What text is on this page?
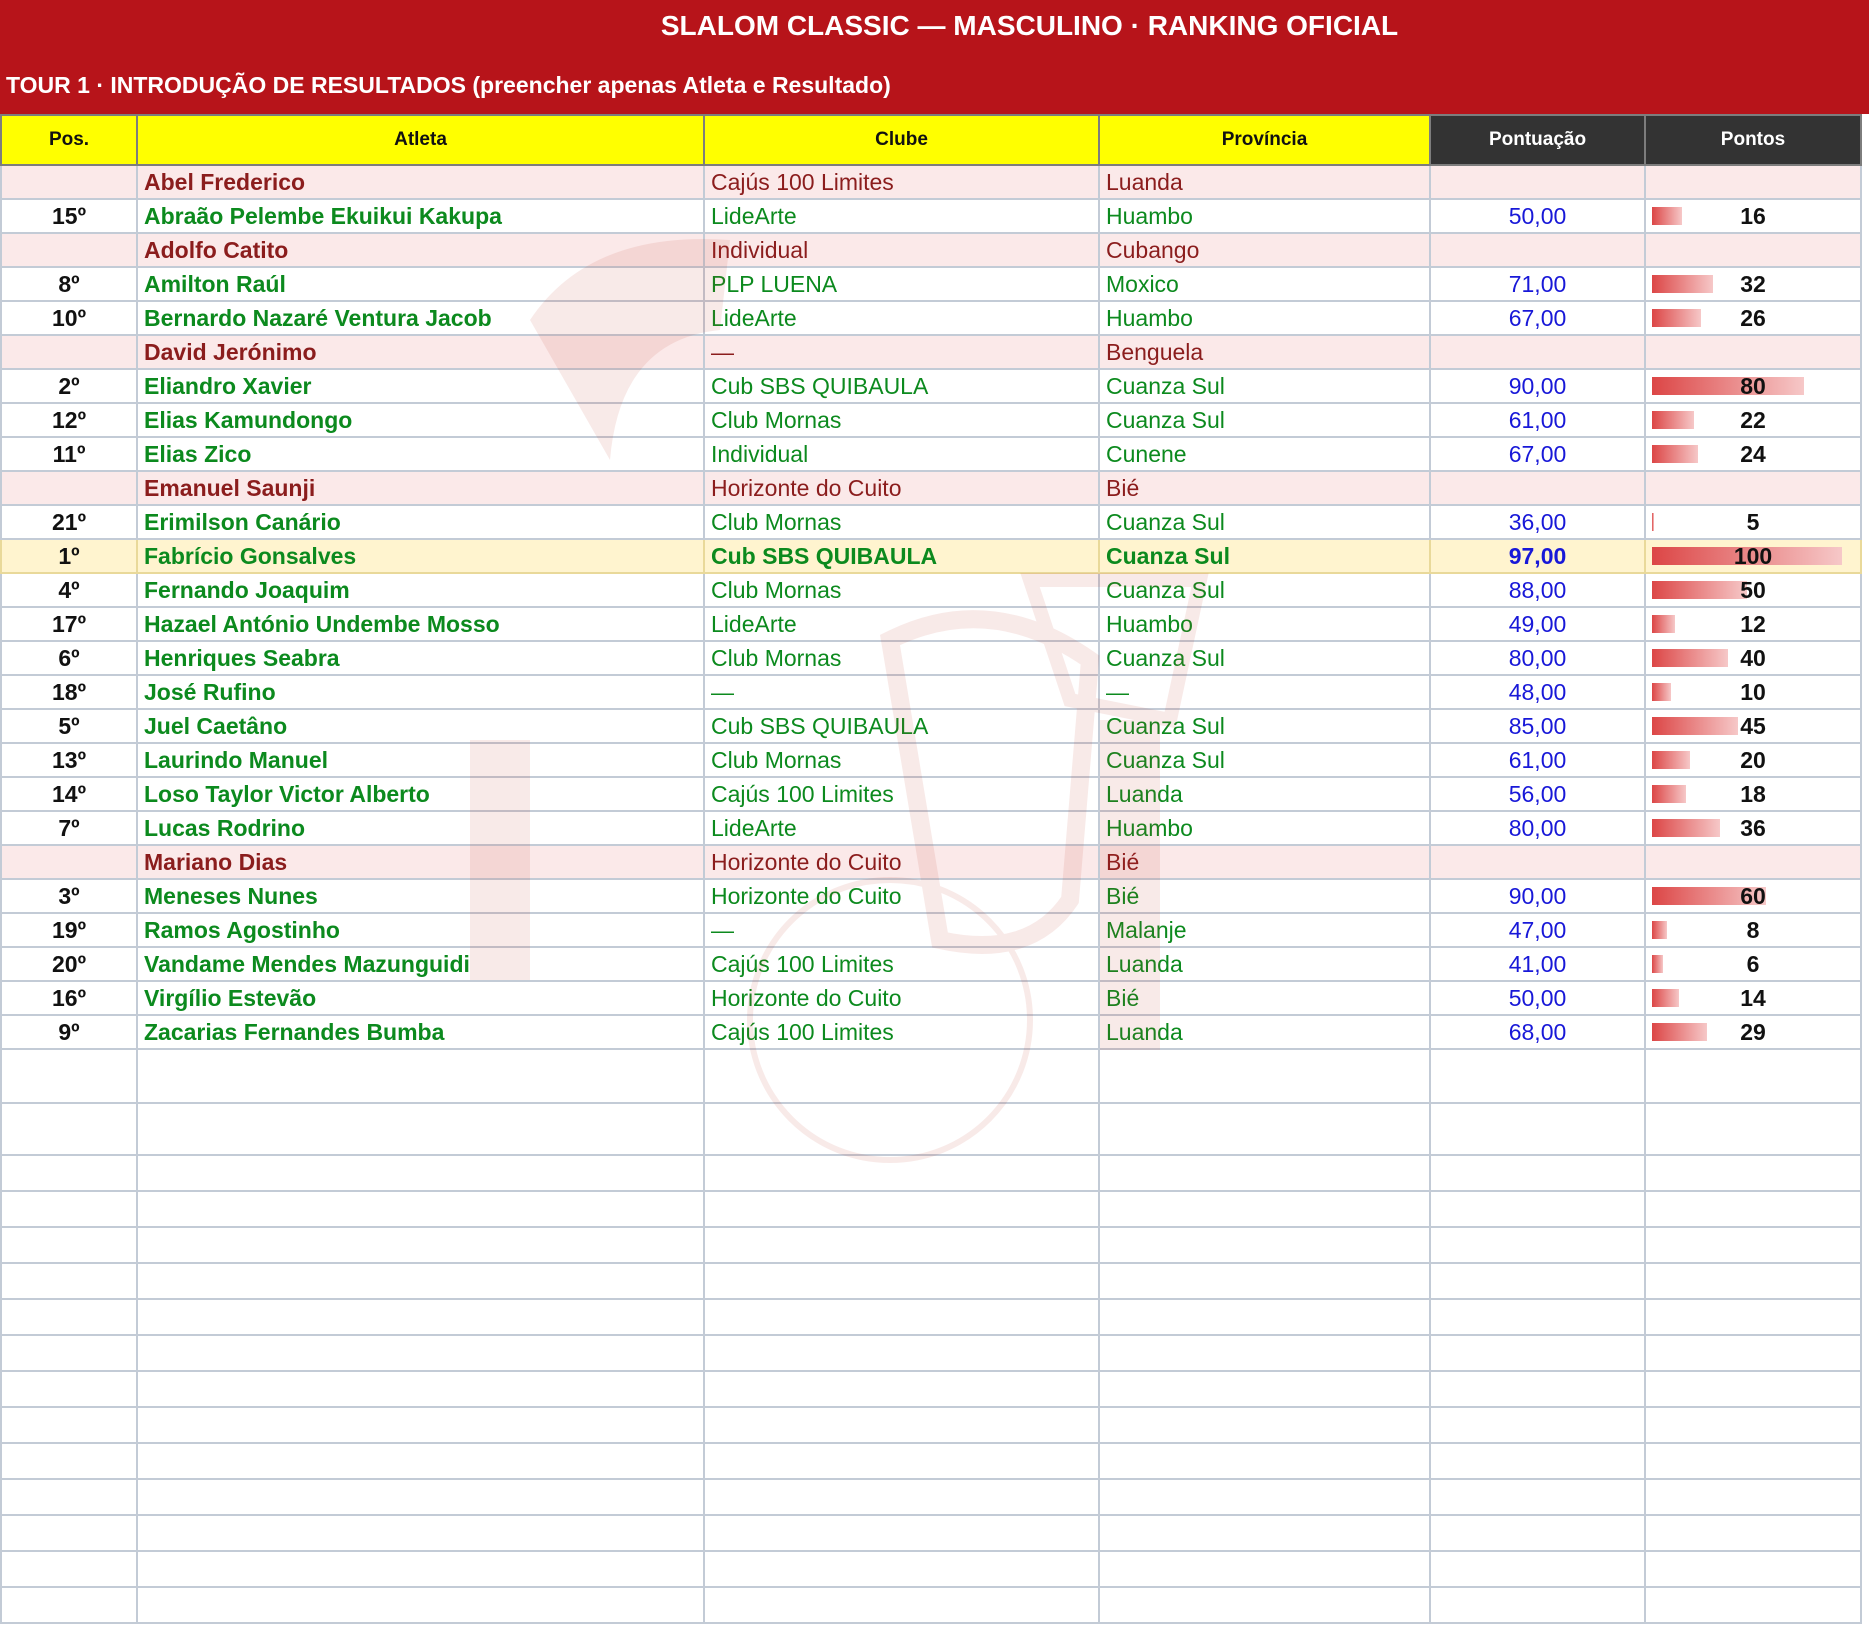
SLALOM CLASSIC — MASCULINO · RANKING OFICIAL
TOUR 1 · INTRODUÇÃO DE RESULTADOS (preencher apenas Atleta e Resultado)
Pos.	Atleta	Clube	Província	Pontuação	Pontos
	Abel Frederico	Cajús 100 Limites	Luanda		
15º	Abraão Pelembe Ekuikui Kakupa	LideArte	Huambo	50,00	16
	Adolfo Catito	Individual	Cubango		
8º	Amilton Raúl	PLP LUENA	Moxico	71,00	32
10º	Bernardo Nazaré Ventura Jacob	LideArte	Huambo	67,00	26
	David Jerónimo	—	Benguela		
2º	Eliandro Xavier	Cub SBS QUIBAULA	Cuanza Sul	90,00	80
12º	Elias Kamundongo	Club Mornas	Cuanza Sul	61,00	22
11º	Elias Zico	Individual	Cunene	67,00	24
	Emanuel Saunji	Horizonte do Cuito	Bié		
21º	Erimilson Canário	Club Mornas	Cuanza Sul	36,00	5
1º	Fabrício Gonsalves	Cub SBS QUIBAULA	Cuanza Sul	97,00	100
4º	Fernando Joaquim	Club Mornas	Cuanza Sul	88,00	50
17º	Hazael António Undembe Mosso	LideArte	Huambo	49,00	12
6º	Henriques Seabra	Club Mornas	Cuanza Sul	80,00	40
18º	José Rufino	—	—	48,00	10
5º	Juel Caetâno	Cub SBS QUIBAULA	Cuanza Sul	85,00	45
13º	Laurindo Manuel	Club Mornas	Cuanza Sul	61,00	20
14º	Loso Taylor Victor Alberto	Cajús 100 Limites	Luanda	56,00	18
7º	Lucas Rodrino	LideArte	Huambo	80,00	36
	Mariano Dias	Horizonte do Cuito	Bié		
3º	Meneses Nunes	Horizonte do Cuito	Bié	90,00	60
19º	Ramos Agostinho	—	Malanje	47,00	8
20º	Vandame Mendes Mazunguidi	Cajús 100 Limites	Luanda	41,00	6
16º	Virgílio Estevão	Horizonte do Cuito	Bié	50,00	14
9º	Zacarias Fernandes Bumba	Cajús 100 Limites	Luanda	68,00	29
